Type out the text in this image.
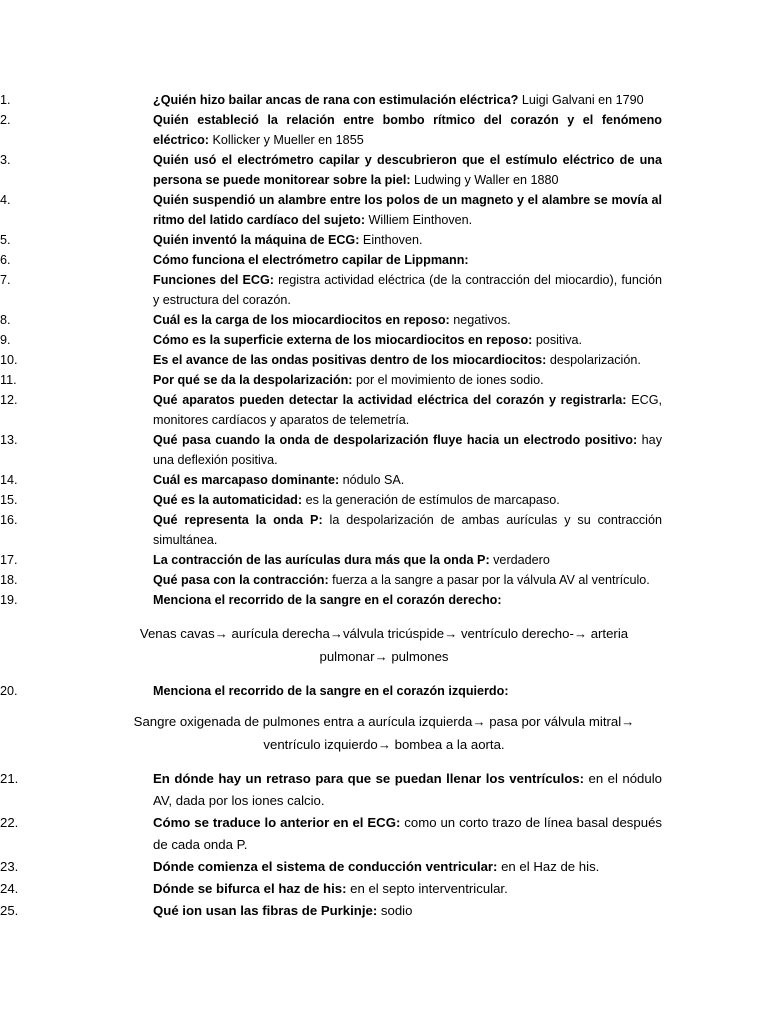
1.	¿Quién hizo bailar ancas de rana con estimulación eléctrica? Luigi Galvani en 1790
2.	Quién estableció la relación entre bombo rítmico del corazón y el fenómeno eléctrico: Kollicker y Mueller en 1855
3.	Quién usó el electrómetro capilar y descubrieron que el estímulo eléctrico de una persona se puede monitorear sobre la piel: Ludwing y Waller en 1880
4.	Quién suspendió un alambre entre los polos de un magneto y el alambre se movía al ritmo del latido cardíaco del sujeto: Williem Einthoven.
5.	Quién inventó la máquina de ECG: Einthoven.
6.	Cómo funciona el electrómetro capilar de Lippmann:
7.	Funciones del ECG: registra actividad eléctrica (de la contracción del miocardio), función y estructura del corazón.
8.	Cuál es la carga de los miocardiocitos en reposo: negativos.
9.	Cómo es la superficie externa de los miocardiocitos en reposo: positiva.
10.	Es el avance de las ondas positivas dentro de los miocardiocitos: despolarización.
11.	Por qué se da la despolarización: por el movimiento de iones sodio.
12.	Qué aparatos pueden detectar la actividad eléctrica del corazón y registrarla: ECG, monitores cardíacos y aparatos de telemetría.
13.	Qué pasa cuando la onda de despolarización fluye hacia un electrodo positivo: hay una deflexión positiva.
14.	Cuál es marcapaso dominante: nódulo SA.
15.	Qué es la automaticidad: es la generación de estímulos de marcapaso.
16.	Qué representa la onda P: la despolarización de ambas aurículas y su contracción simultánea.
17.	La contracción de las aurículas dura más que la onda P: verdadero
18.	Qué pasa con la contracción: fuerza a la sangre a pasar por la válvula AV al ventrículo.
19.	Menciona el recorrido de la sangre en el corazón derecho:

Venas cavas→ aurícula derecha→válvula tricúspide→ ventrículo derecho-→ arteria pulmonar→ pulmones

20.	Menciona el recorrido de la sangre en el corazón izquierdo:

Sangre oxigenada de pulmones entra a aurícula izquierda→ pasa por válvula mitral→ ventrículo izquierdo→ bombea a la aorta.

21.	En dónde hay un retraso para que se puedan llenar los ventrículos: en el nódulo AV, dada por los iones calcio.
22.	Cómo se traduce lo anterior en el ECG: como un corto trazo de línea basal después de cada onda P.
23.	Dónde comienza el sistema de conducción ventricular: en el Haz de his.
24.	Dónde se bifurca el haz de his: en el septo interventricular.
25.	Qué ion usan las fibras de Purkinje: sodio
